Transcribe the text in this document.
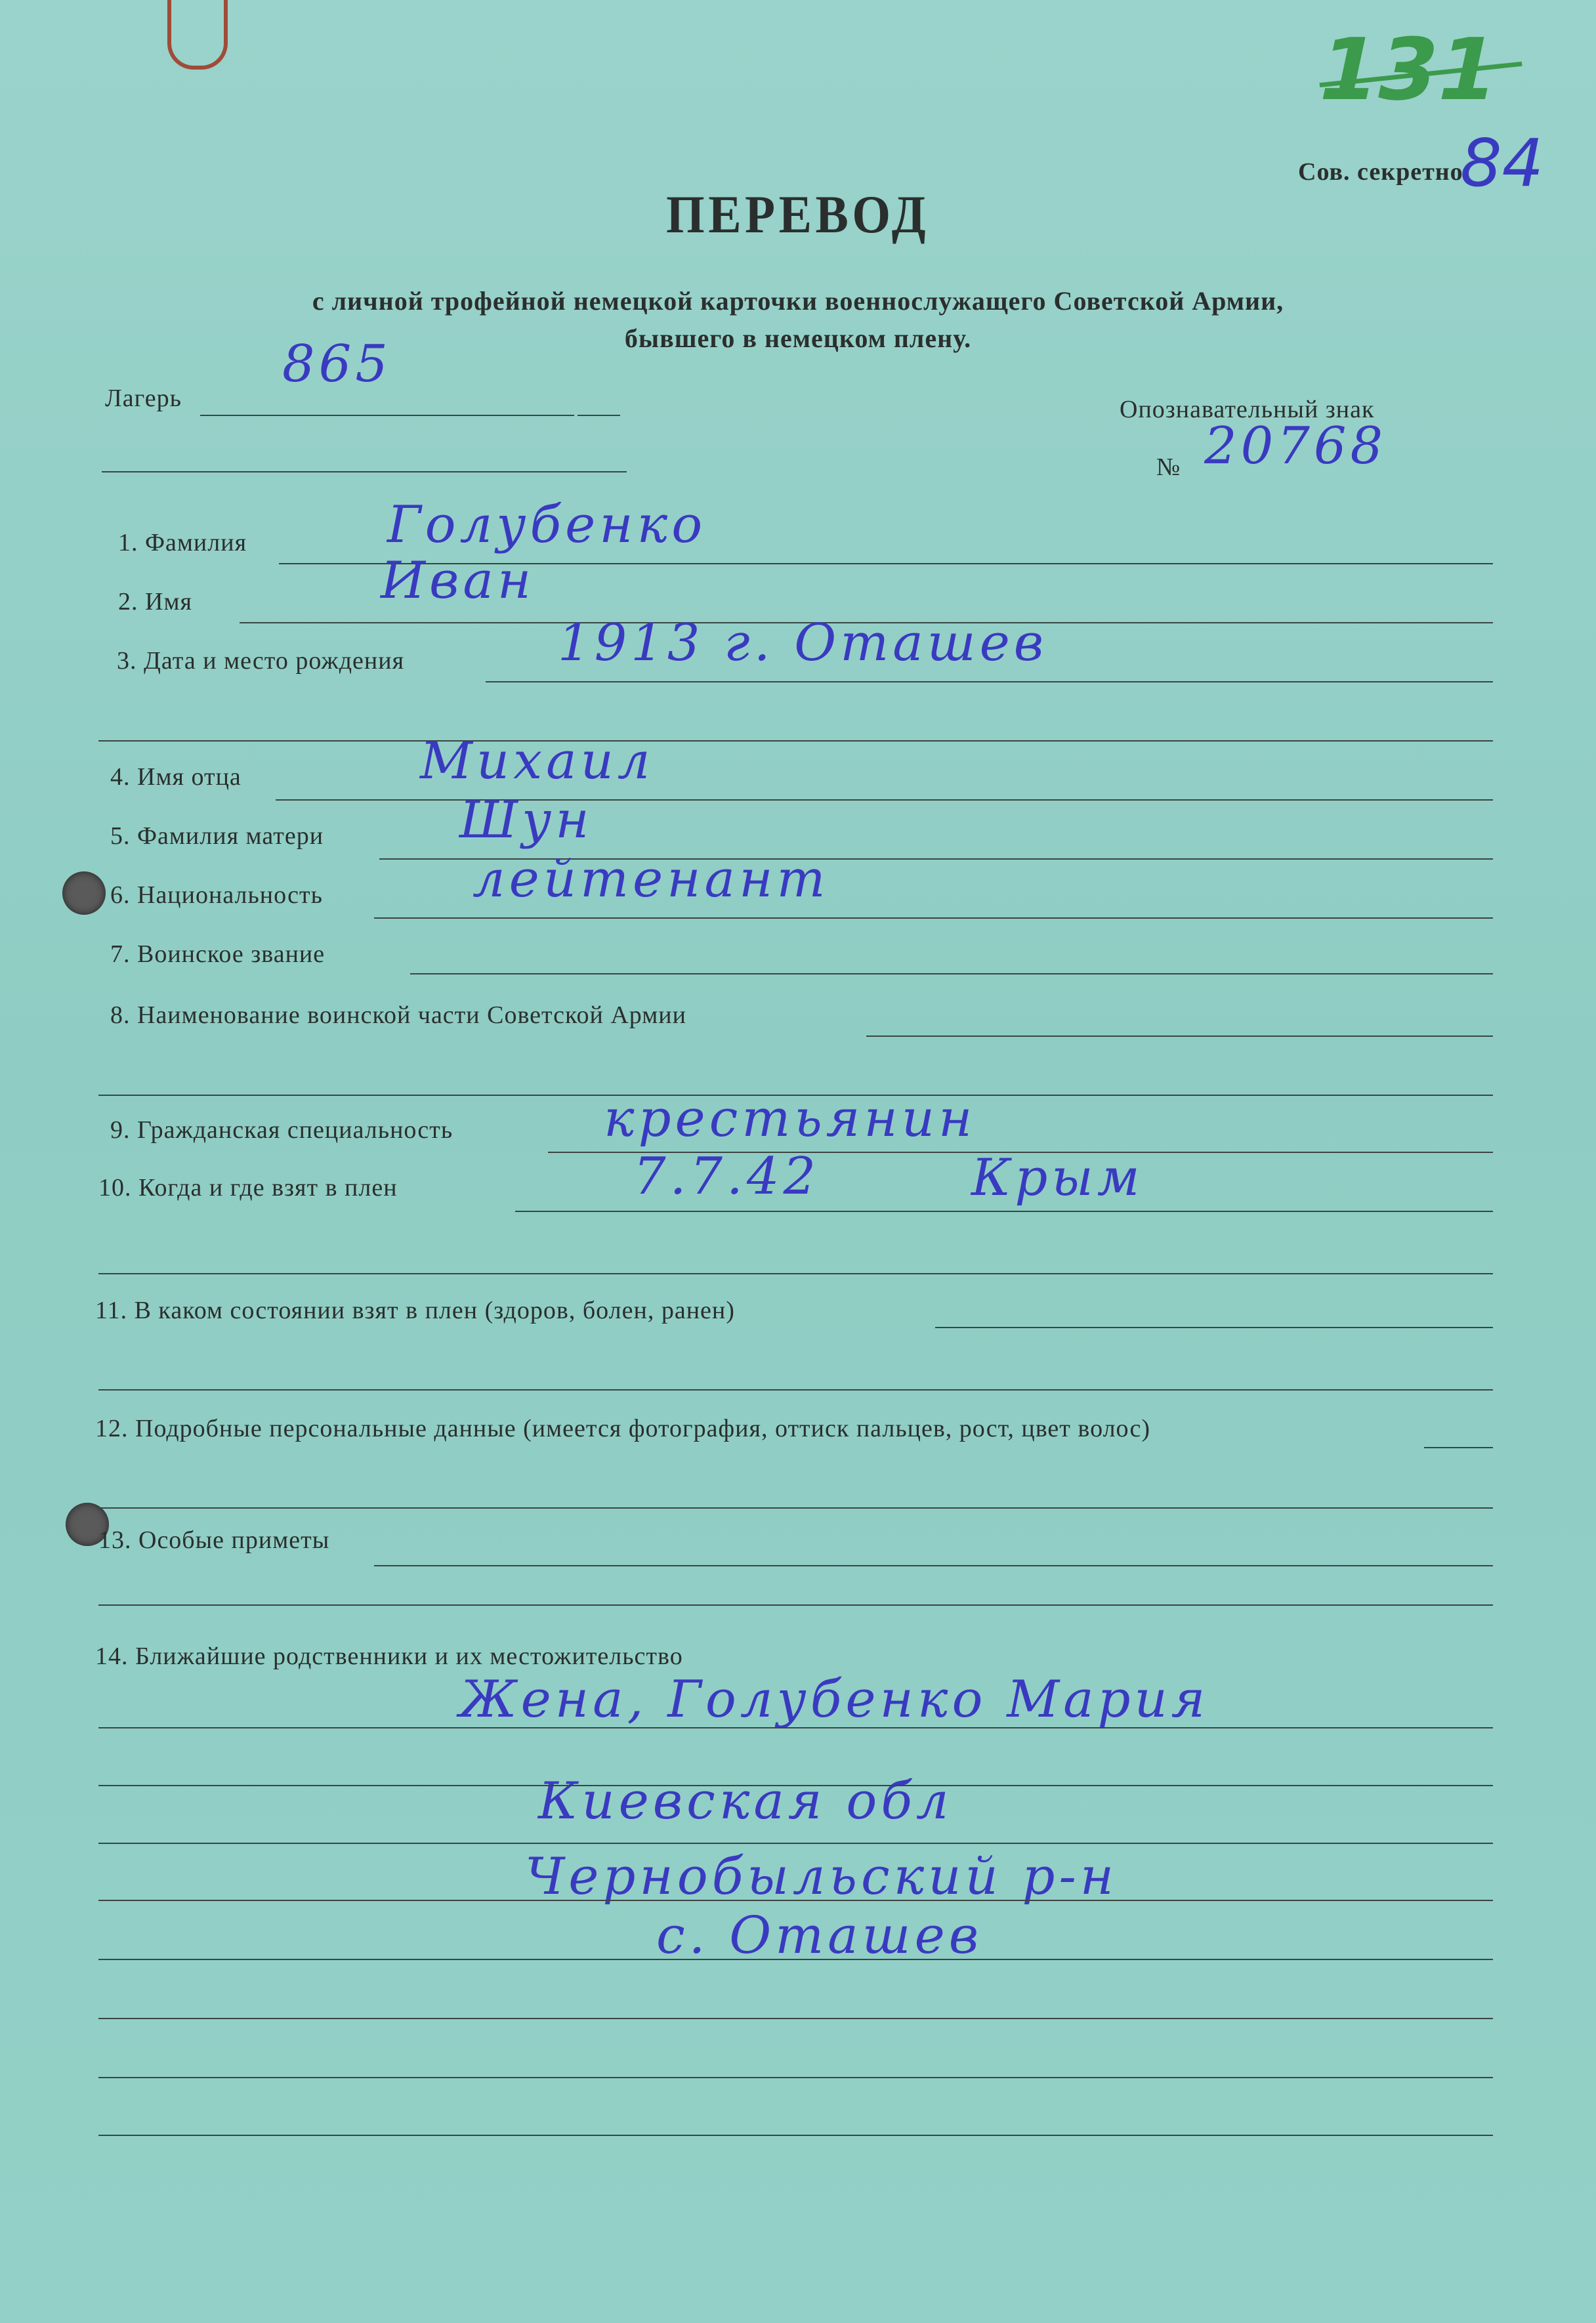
131
84
Сов. секретно
ПЕРЕВОД
с личной трофейной немецкой карточки военнослужащего Советской Армии,
бывшего в немецком плену.
Лагерь
865
Опознавательный знак
№ 20768
1. Фамилия	Голубенко
2. Имя	Иван
3. Дата и место рождения	1913 г. Оташев
4. Имя отца	Михаил
5. Фамилия матери	Шун
6. Национальность
7. Воинское звание
лейтенант
8. Наименование воинской части Советской Армии
9. Гражданская специальность	крестьянин
10. Когда и где взят в плен	7.7.42	Крым
11. В каком состоянии взят в плен (здоров, болен, ранен)
12. Подробные персональные данные (имеется фотография, оттиск пальцев, рост, цвет волос)
13. Особые приметы
14. Ближайшие родственники и их местожительство
Жена, Голубенко Мария
Киевская обл
Чернобыльский р-н
с. Оташев
